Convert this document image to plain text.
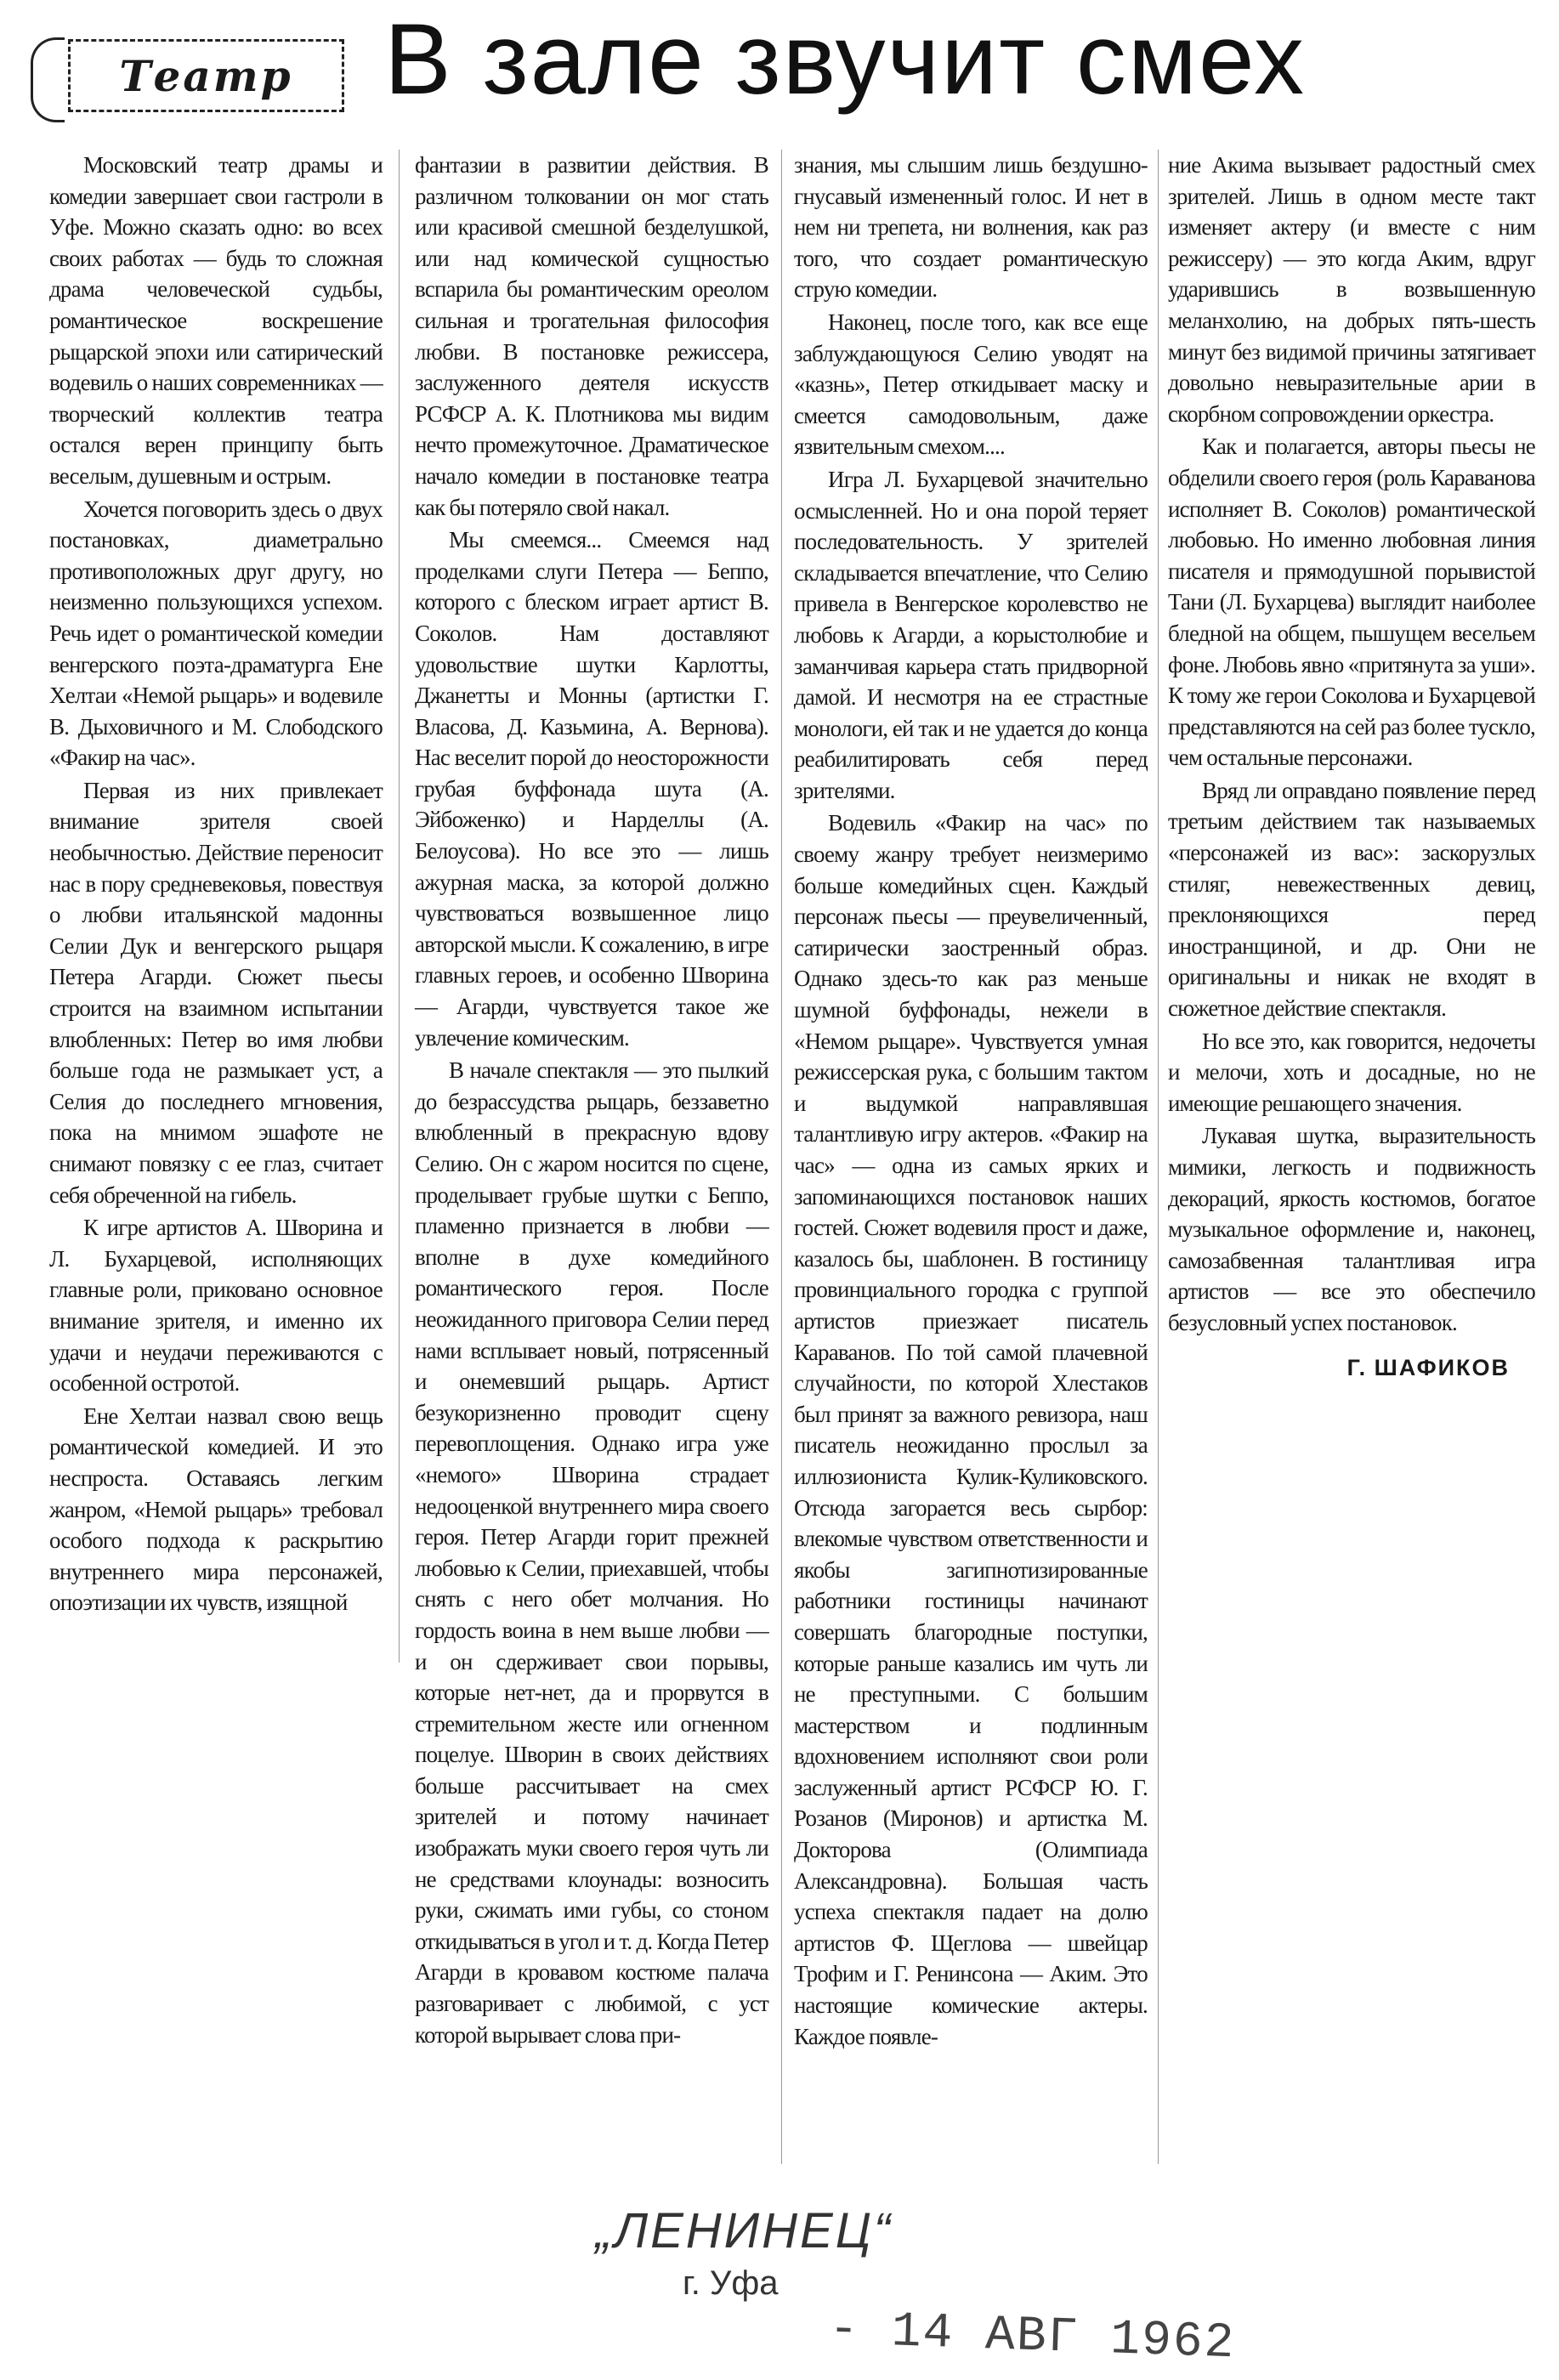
Театр В зале звучит смех

Московский театр драмы и комедии завершает свои гастроли в Уфе. Можно сказать одно: во всех своих работах — будь то сложная драма человеческой судьбы, романтическое воскрешение рыцарской эпохи или сатирический водевиль о наших современниках — творческий коллектив театра остался верен принципу быть веселым, душевным и острым.

Хочется поговорить здесь о двух постановках, диаметрально противоположных друг другу, но неизменно пользующихся успехом. Речь идет о романтической комедии венгерского поэта-драматурга Ене Хелтаи «Немой рыцарь» и водевиле В. Дыховичного и М. Слободского «Факир на час».

Первая из них привлекает внимание зрителя своей необычностью. Действие переносит нас в пору средневековья, повествуя о любви итальянской мадонны Селии Дук и венгерского рыцаря Петера Агарди. Сюжет пьесы строится на взаимном испытании влюбленных: Петер во имя любви больше года не размыкает уст, а Селия до последнего мгновения, пока на мнимом эшафоте не снимают повязку с ее глаз, считает себя обреченной на гибель.

К игре артистов А. Шворина и Л. Бухарцевой, исполняющих главные роли, приковано основное внимание зрителя, и именно их удачи и неудачи переживаются с особенной остротой.

Ене Хелтаи назвал свою вещь романтической комедией. И это неспроста. Оставаясь легким жанром, «Немой рыцарь» требовал особого подхода к раскрытию внутреннего мира персонажей, опоэтизации их чувств, изящной

фантазии в развитии действия. В различном толковании он мог стать или красивой смешной безделушкой, или над комической сущностью вспарила бы романтическим ореолом сильная и трогательная философия любви. В постановке режиссера, заслуженного деятеля искусств РСФСР А. К. Плотникова мы видим нечто промежуточное. Драматическое начало комедии в постановке театра как бы потеряло свой накал.

Мы смеемся... Смеемся над проделками слуги Петера — Беппо, которого с блеском играет артист В. Соколов. Нам доставляют удовольствие шутки Карлотты, Джанетты и Монны (артистки Г. Власова, Д. Казьмина, А. Вернова). Нас веселит порой до неосторожности грубая буффонада шута (А. Эйбоженко) и Нарделлы (А. Белоусова). Но все это — лишь ажурная маска, за которой должно чувствоваться возвышенное лицо авторской мысли. К сожалению, в игре главных героев, и особенно Шворина — Агарди, чувствуется такое же увлечение комическим.

В начале спектакля — это пылкий до безрассудства рыцарь, беззаветно влюбленный в прекрасную вдову Селию. Он с жаром носится по сцене, проделывает грубые шутки с Беппо, пламенно признается в любви — вполне в духе комедийного романтического героя. После неожиданного приговора Селии перед нами всплывает новый, потрясенный и онемевший рыцарь. Артист безукоризненно проводит сцену перевоплощения. Однако игра уже «немого» Шворина страдает недооценкой внутреннего мира своего героя. Петер Агарди горит прежней любовью к Селии, приехавшей, чтобы снять с него обет молчания. Но гордость воина в нем выше любви — и он сдерживает свои порывы, которые нет-нет, да и прорвутся в стремительном жесте или огненном поцелуе. Шворин в своих действиях больше рассчитывает на смех зрителей и потому начинает изображать муки своего героя чуть ли не средствами клоунады: возносить руки, сжимать ими губы, со стоном откидываться в угол и т. д. Когда Петер Агарди в кровавом костюме палача разговаривает с любимой, с уст которой вырывает слова при-

знания, мы слышим лишь бездушно-гнусавый измененный голос. И нет в нем ни трепета, ни волнения, как раз того, что создает романтическую струю комедии.

Наконец, после того, как все еще заблуждающуюся Селию уводят на «казнь», Петер откидывает маску и смеется самодовольным, даже язвительным смехом....

Игра Л. Бухарцевой значительно осмысленней. Но и она порой теряет последовательность. У зрителей складывается впечатление, что Селию привела в Венгерское королевство не любовь к Агарди, а корыстолюбие и заманчивая карьера стать придворной дамой. И несмотря на ее страстные монологи, ей так и не удается до конца реабилитировать себя перед зрителями.

Водевиль «Факир на час» по своему жанру требует неизмеримо больше комедийных сцен. Каждый персонаж пьесы — преувеличенный, сатирически заостренный образ. Однако здесь-то как раз меньше шумной буффонады, нежели в «Немом рыцаре». Чувствуется умная режиссерская рука, с большим тактом и выдумкой направлявшая талантливую игру актеров. «Факир на час» — одна из самых ярких и запоминающихся постановок наших гостей. Сюжет водевиля прост и даже, казалось бы, шаблонен. В гостиницу провинциального городка с группой артистов приезжает писатель Караванов. По той самой плачевной случайности, по которой Хлестаков был принят за важного ревизора, наш писатель неожиданно прослыл за иллюзиониста Кулик-Куликовского. Отсюда загорается весь сырбор: влекомые чувством ответственности и якобы загипнотизированные работники гостиницы начинают совершать благородные поступки, которые раньше казались им чуть ли не преступными. С большим мастерством и подлинным вдохновением исполняют свои роли заслуженный артист РСФСР Ю. Г. Розанов (Миронов) и артистка М. Докторова (Олимпиада Александровна). Большая часть успеха спектакля падает на долю артистов Ф. Щеглова — швейцар Трофим и Г. Ренинсона — Аким. Это настоящие комические актеры. Каждое появле-

ние Акима вызывает радостный смех зрителей. Лишь в одном месте такт изменяет актеру (и вместе с ним режиссеру) — это когда Аким, вдруг ударившись в возвышенную меланхолию, на добрых пять-шесть минут без видимой причины затягивает довольно невыразительные арии в скорбном сопровождении оркестра.

Как и полагается, авторы пьесы не обделили своего героя (роль Караванова исполняет В. Соколов) романтической любовью. Но именно любовная линия писателя и прямодушной порывистой Тани (Л. Бухарцева) выглядит наиболее бледной на общем, пышущем весельем фоне. Любовь явно «притянута за уши». К тому же герои Соколова и Бухарцевой представляются на сей раз более тускло, чем остальные персонажи.

Вряд ли оправдано появление перед третьим действием так называемых «персонажей из вас»: заскорузлых стиляг, невежественных девиц, преклоняющихся перед иностранщиной, и др. Они не оригинальны и никак не входят в сюжетное действие спектакля.

Но все это, как говорится, недочеты и мелочи, хоть и досадные, но не имеющие решающего значения.

Лукавая шутка, выразительность мимики, легкость и подвижность декораций, яркость костюмов, богатое музыкальное оформление и, наконец, самозабвенная талантливая игра артистов — все это обеспечило безусловный успех постановок.

Г. ШАФИКОВ
„ЛЕНИНЕЦ“
г. Уфа
- 14 АВГ 1962
